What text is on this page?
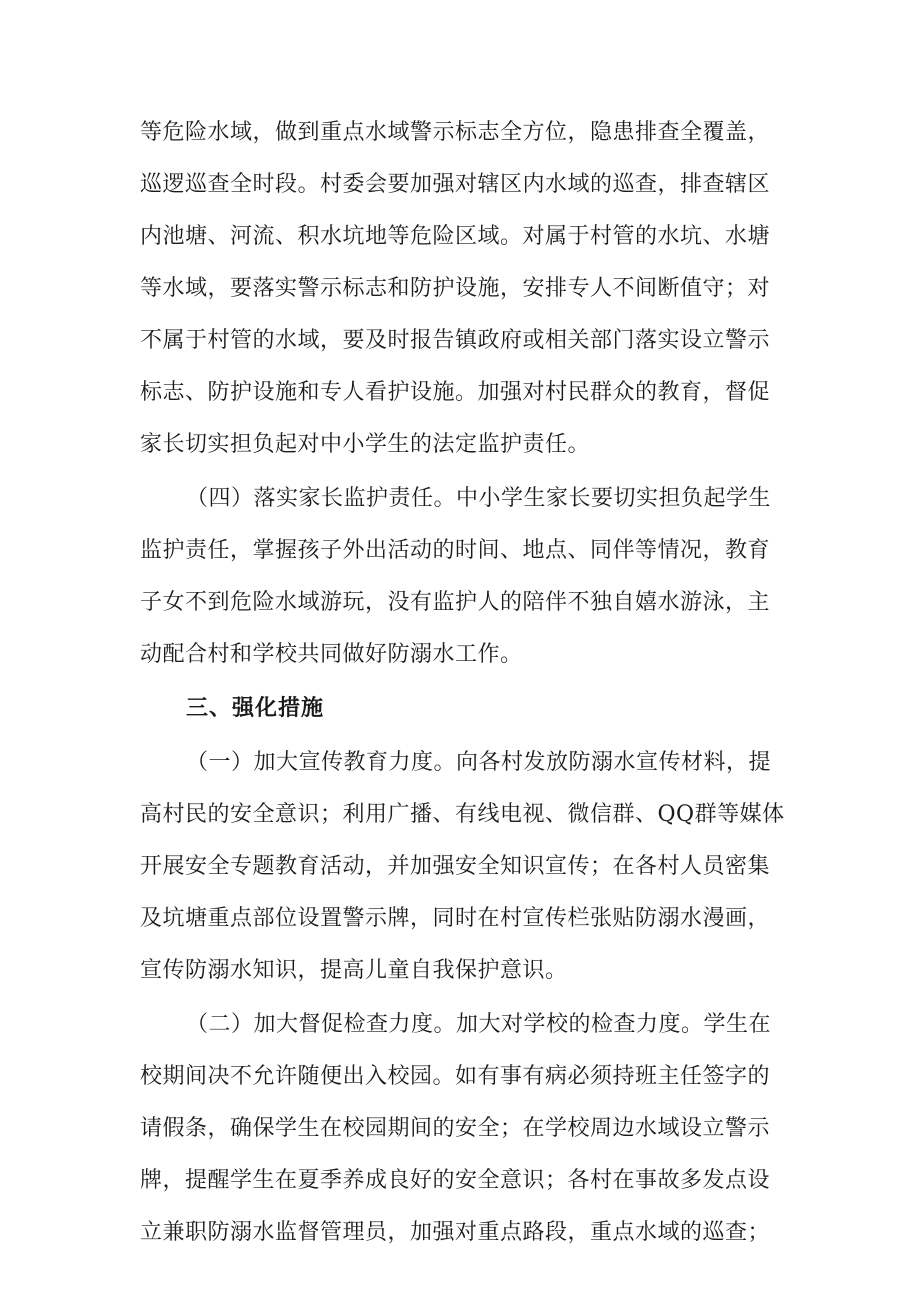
等危险水域，做到重点水域警示标志全方位，隐患排查全覆盖，
巡逻巡查全时段。村委会要加强对辖区内水域的巡查，排查辖区
内池塘、河流、积水坑地等危险区域。对属于村管的水坑、水塘
等水域，要落实警示标志和防护设施，安排专人不间断值守；对
不属于村管的水域，要及时报告镇政府或相关部门落实设立警示
标志、防护设施和专人看护设施。加强对村民群众的教育，督促
家长切实担负起对中小学生的法定监护责任。
（四）落实家长监护责任。中小学生家长要切实担负起学生
监护责任，掌握孩子外出活动的时间、地点、同伴等情况，教育
子女不到危险水域游玩，没有监护人的陪伴不独自嬉水游泳，主
动配合村和学校共同做好防溺水工作。
三、强化措施
（一）加大宣传教育力度。向各村发放防溺水宣传材料，提
高村民的安全意识；利用广播、有线电视、微信群、QQ群等媒体
开展安全专题教育活动，并加强安全知识宣传；在各村人员密集
及坑塘重点部位设置警示牌，同时在村宣传栏张贴防溺水漫画，
宣传防溺水知识，提高儿童自我保护意识。
（二）加大督促检查力度。加大对学校的检查力度。学生在
校期间决不允许随便出入校园。如有事有病必须持班主任签字的
请假条，确保学生在校园期间的安全；在学校周边水域设立警示
牌，提醒学生在夏季养成良好的安全意识；各村在事故多发点设
立兼职防溺水监督管理员，加强对重点路段，重点水域的巡查；
